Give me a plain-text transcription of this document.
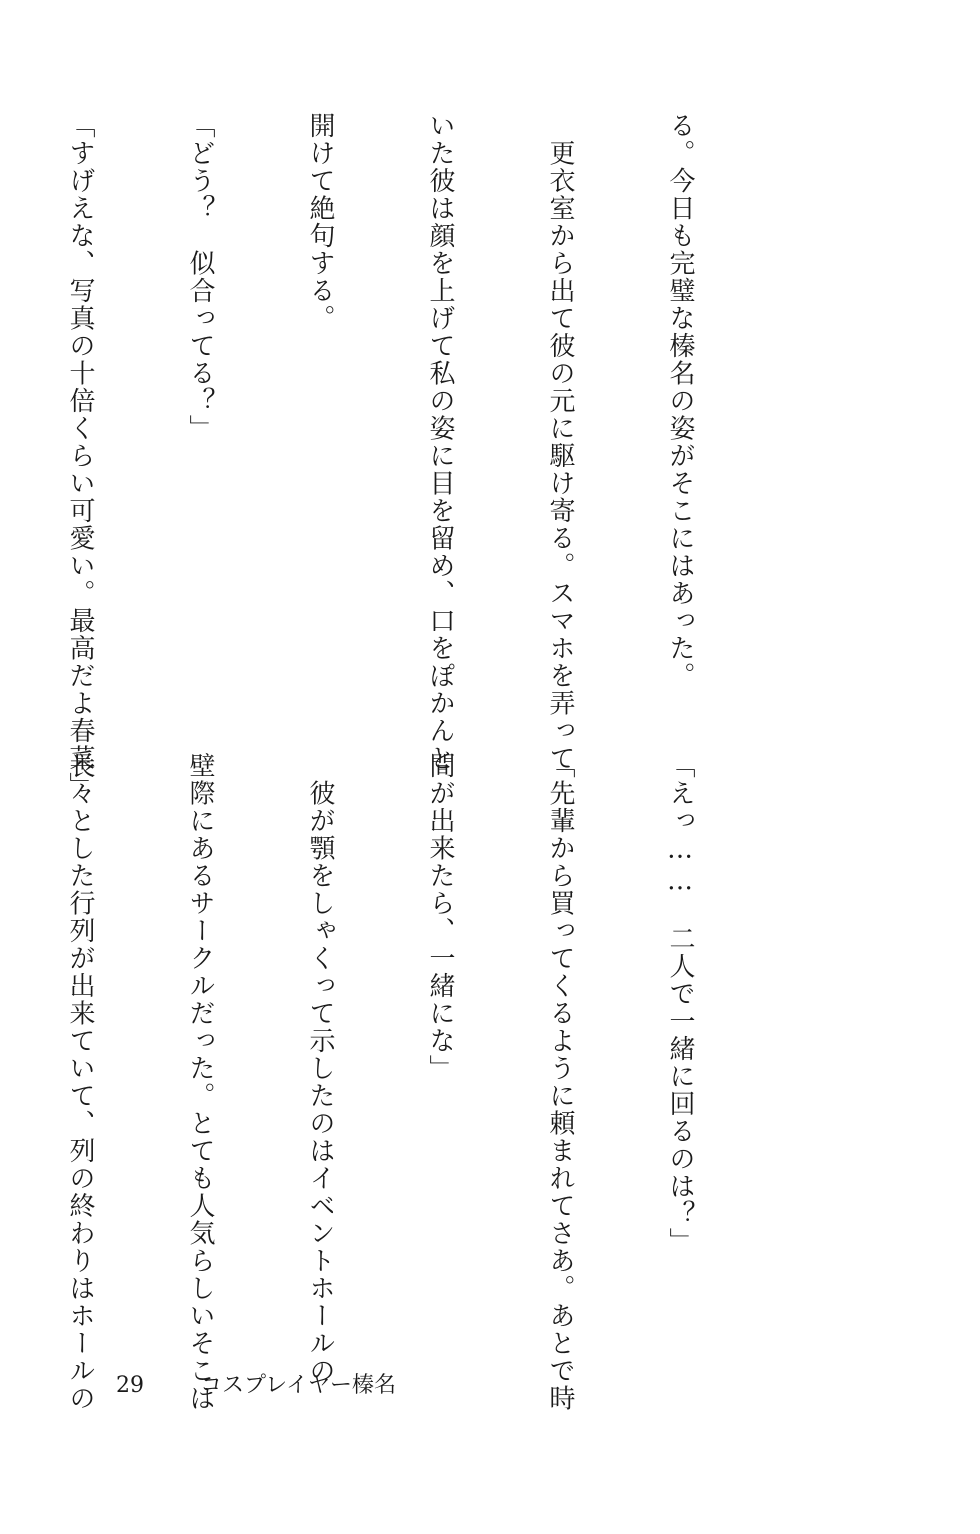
る。今日も完璧な榛名の姿がそこにはあった。

　更衣室から出て彼の元に駆け寄る。スマホを弄って

いた彼は顔を上げて私の姿に目を留め、口をぽかんと

開けて絶句する。

「どう？　似合ってる？」

「すげえな、写真の十倍くらい可愛い。最高だよ春菜」

「えっ……　二人で一緒に回るのは？」

「先輩から買ってくるように頼まれてさあ。あとで時

間が出来たら、一緒にな」

　彼が顎をしゃくって示したのはイベントホールの

壁際にあるサークルだった。とても人気らしいそこは

長々とした行列が出来ていて、列の終わりはホールの

29	コスプレイヤー榛名
